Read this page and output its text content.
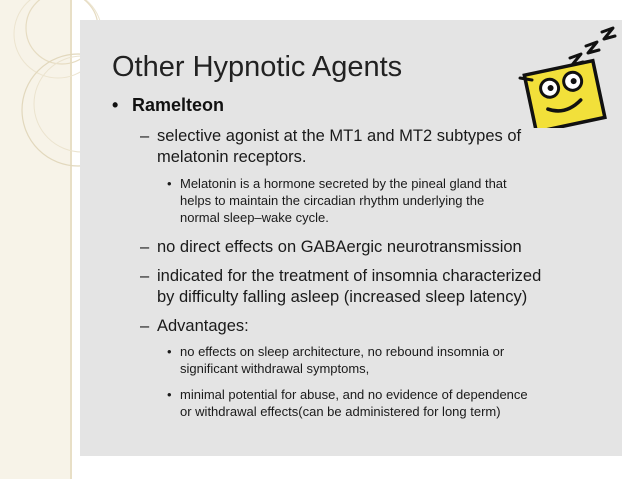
Other Hypnotic Agents
• Ramelteon
– selective agonist at the MT1 and MT2 subtypes of
melatonin receptors.
• Melatonin is a hormone secreted by the pineal gland that
helps to maintain the circadian rhythm underlying the
normal sleep–wake cycle.
– no direct effects on GABAergic neurotransmission
– indicated for the treatment of insomnia characterized
by difficulty falling asleep (increased sleep latency)
– Advantages:
• no effects on sleep architecture, no rebound insomnia or
significant withdrawal symptoms,
• minimal potential for abuse, and no evidence of dependence
or withdrawal effects(can be administered for long term)
